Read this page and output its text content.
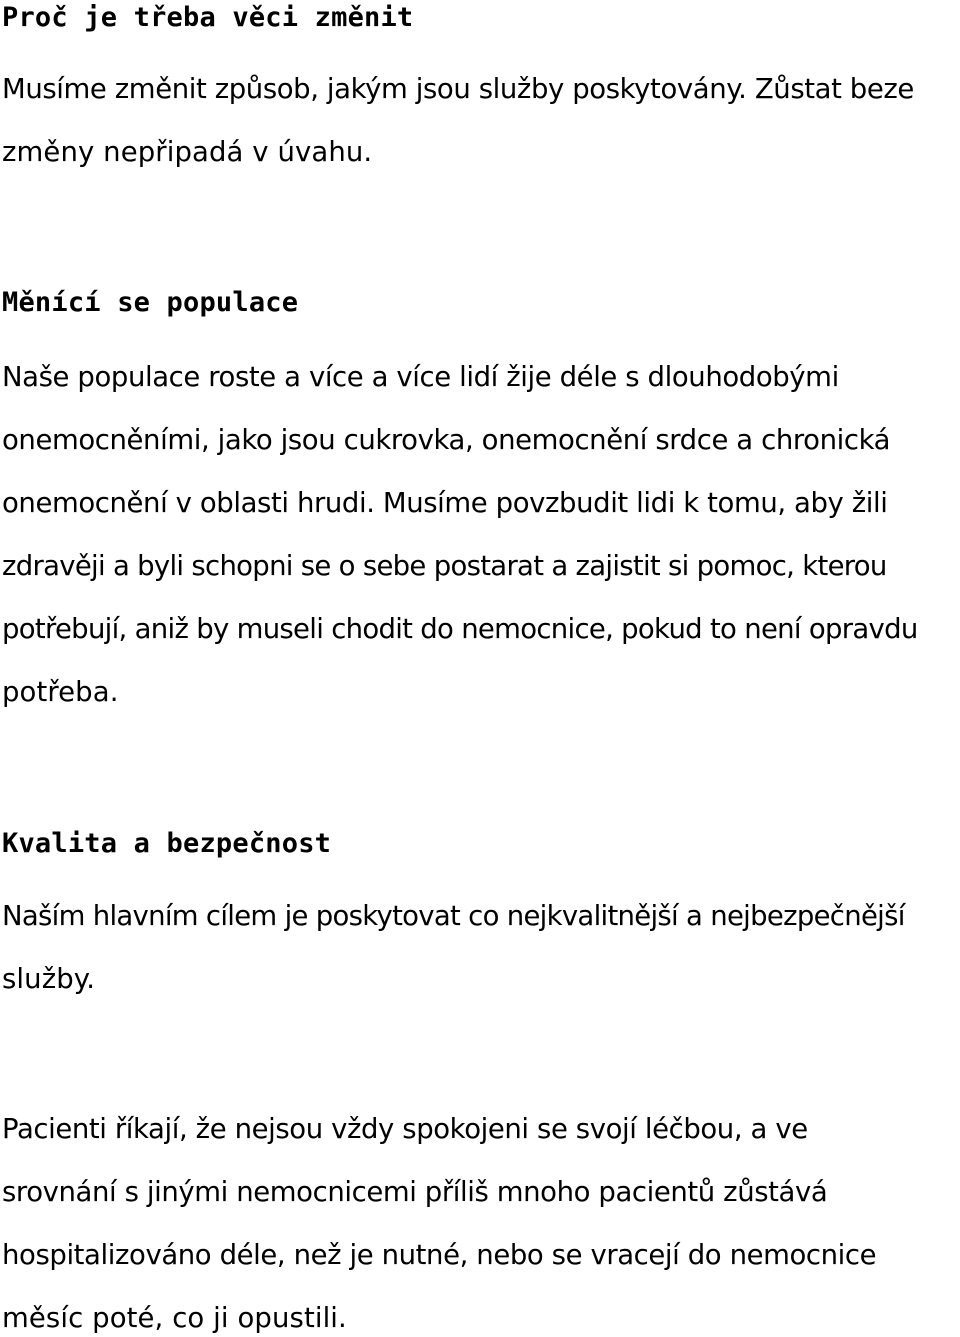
Proč je třeba věci změnit

Musíme změnit způsob, jakým jsou služby poskytovány. Zůstat beze

změny nepřipadá v úvahu.

Měnící se populace

Naše populace roste a více a více lidí žije déle s dlouhodobými

onemocněními, jako jsou cukrovka, onemocnění srdce a chronická

onemocnění v oblasti hrudi. Musíme povzbudit lidi k tomu, aby žili

zdravěji a byli schopni se o sebe postarat a zajistit si pomoc, kterou

potřebují, aniž by museli chodit do nemocnice, pokud to není opravdu

potřeba.

Kvalita a bezpečnost

Naším hlavním cílem je poskytovat co nejkvalitnější a nejbezpečnější

služby.

Pacienti říkají, že nejsou vždy spokojeni se svojí léčbou, a ve

srovnání s jinými nemocnicemi příliš mnoho pacientů zůstává

hospitalizováno déle, než je nutné, nebo se vracejí do nemocnice

měsíc poté, co ji opustili.
